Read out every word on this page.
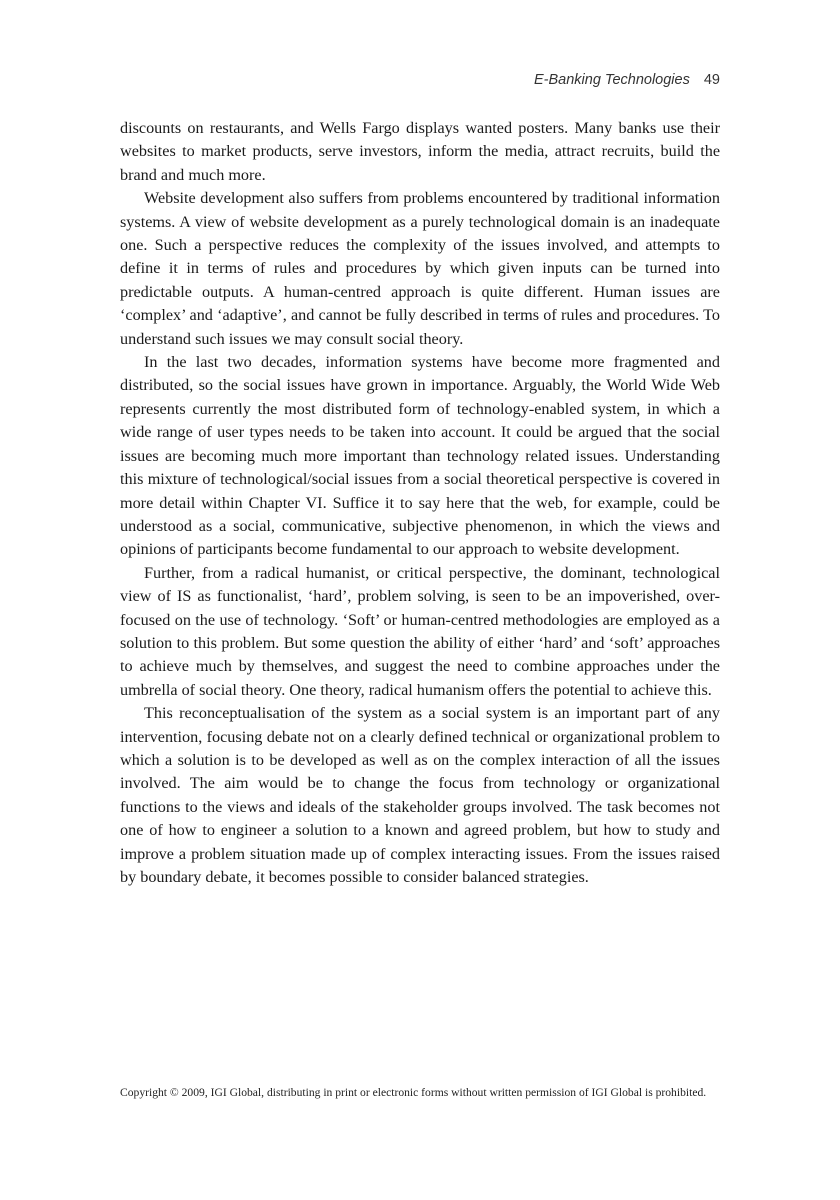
E-Banking Technologies 49

discounts on restaurants, and Wells Fargo displays wanted posters. Many banks use their websites to market products, serve investors, inform the media, attract recruits, build the brand and much more.

Website development also suffers from problems encountered by traditional information systems. A view of website development as a purely technological domain is an inadequate one. Such a perspective reduces the complexity of the issues involved, and attempts to define it in terms of rules and procedures by which given inputs can be turned into predictable outputs. A human-centred approach is quite different. Human issues are ‘complex’ and ‘adaptive’, and cannot be fully described in terms of rules and procedures. To understand such issues we may consult social theory.

In the last two decades, information systems have become more fragmented and distributed, so the social issues have grown in importance. Arguably, the World Wide Web represents currently the most distributed form of technology-enabled system, in which a wide range of user types needs to be taken into account. It could be argued that the social issues are becoming much more important than technology related issues. Understanding this mixture of technological/social issues from a social theoretical perspective is covered in more detail within Chapter VI. Suffice it to say here that the web, for example, could be understood as a social, communicative, subjective phenomenon, in which the views and opinions of participants become fundamental to our approach to website development.

Further, from a radical humanist, or critical perspective, the dominant, technological view of IS as functionalist, ‘hard’, problem solving, is seen to be an impoverished, over-focused on the use of technology. ‘Soft’ or human-centred methodologies are employed as a solution to this problem. But some question the ability of either ‘hard’ and ‘soft’ approaches to achieve much by themselves, and suggest the need to combine approaches under the umbrella of social theory. One theory, radical humanism offers the potential to achieve this.

This reconceptualisation of the system as a social system is an important part of any intervention, focusing debate not on a clearly defined technical or organizational problem to which a solution is to be developed as well as on the complex interaction of all the issues involved. The aim would be to change the focus from technology or organizational functions to the views and ideals of the stakeholder groups involved. The task becomes not one of how to engineer a solution to a known and agreed problem, but how to study and improve a problem situation made up of complex interacting issues. From the issues raised by boundary debate, it becomes possible to consider balanced strategies.

Copyright © 2009, IGI Global, distributing in print or electronic forms without written permission of IGI Global is prohibited.
